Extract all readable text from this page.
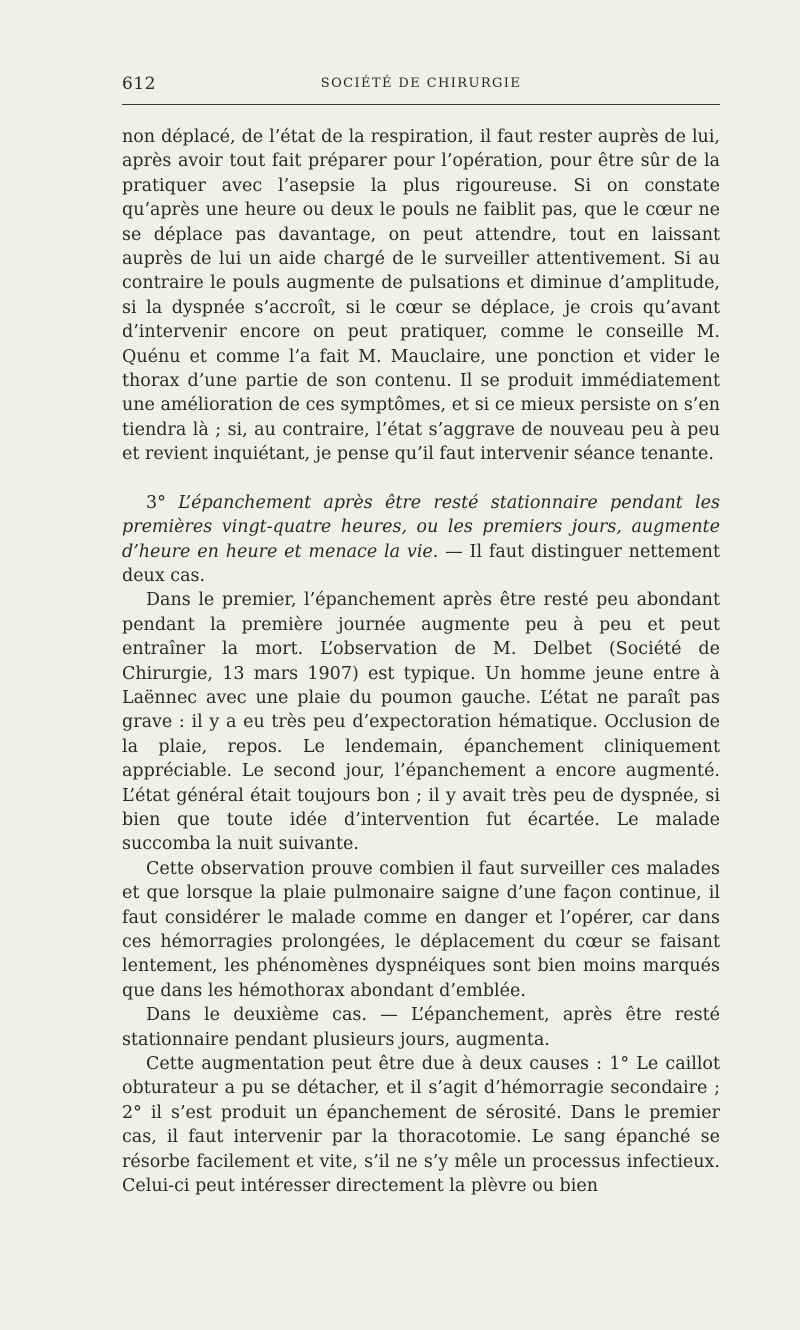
612	SOCIÉTÉ DE CHIRURGIE

non déplacé, de l’état de la respiration, il faut rester auprès de lui, après avoir tout fait préparer pour l’opération, pour être sûr de la pratiquer avec l’asepsie la plus rigoureuse. Si on constate qu’après une heure ou deux le pouls ne faiblit pas, que le cœur ne se déplace pas davantage, on peut attendre, tout en laissant auprès de lui un aide chargé de le surveiller attentivement. Si au contraire le pouls augmente de pulsations et diminue d’amplitude, si la dyspnée s’accroît, si le cœur se déplace, je crois qu’avant d’intervenir encore on peut pratiquer, comme le conseille M. Quénu et comme l’a fait M. Mauclaire, une ponction et vider le thorax d’une partie de son contenu. Il se produit immédiatement une amélioration de ces symptômes, et si ce mieux persiste on s’en tiendra là ; si, au contraire, l’état s’aggrave de nouveau peu à peu et revient inquiétant, je pense qu’il faut intervenir séance tenante.

3° L’épanchement après être resté stationnaire pendant les premières vingt-quatre heures, ou les premiers jours, augmente d’heure en heure et menace la vie. — Il faut distinguer nettement deux cas.

Dans le premier, l’épanchement après être resté peu abondant pendant la première journée augmente peu à peu et peut entraîner la mort. L’observation de M. Delbet (Société de Chirurgie, 13 mars 1907) est typique. Un homme jeune entre à Laënnec avec une plaie du poumon gauche. L’état ne paraît pas grave : il y a eu très peu d’expectoration hématique. Occlusion de la plaie, repos. Le lendemain, épanchement cliniquement appréciable. Le second jour, l’épanchement a encore augmenté. L’état général était toujours bon ; il y avait très peu de dyspnée, si bien que toute idée d’intervention fut écartée. Le malade succomba la nuit suivante.

Cette observation prouve combien il faut surveiller ces malades et que lorsque la plaie pulmonaire saigne d’une façon continue, il faut considérer le malade comme en danger et l’opérer, car dans ces hémorragies prolongées, le déplacement du cœur se faisant lentement, les phénomènes dyspnéiques sont bien moins marqués que dans les hémothorax abondant d’emblée.

Dans le deuxième cas. — L’épanchement, après être resté stationnaire pendant plusieurs jours, augmenta.

Cette augmentation peut être due à deux causes : 1° Le caillot obturateur a pu se détacher, et il s’agit d’hémorragie secondaire ; 2° il s’est produit un épanchement de sérosité. Dans le premier cas, il faut intervenir par la thoracotomie. Le sang épanché se résorbe facilement et vite, s’il ne s’y mêle un processus infectieux. Celui-ci peut intéresser directement la plèvre ou bien
